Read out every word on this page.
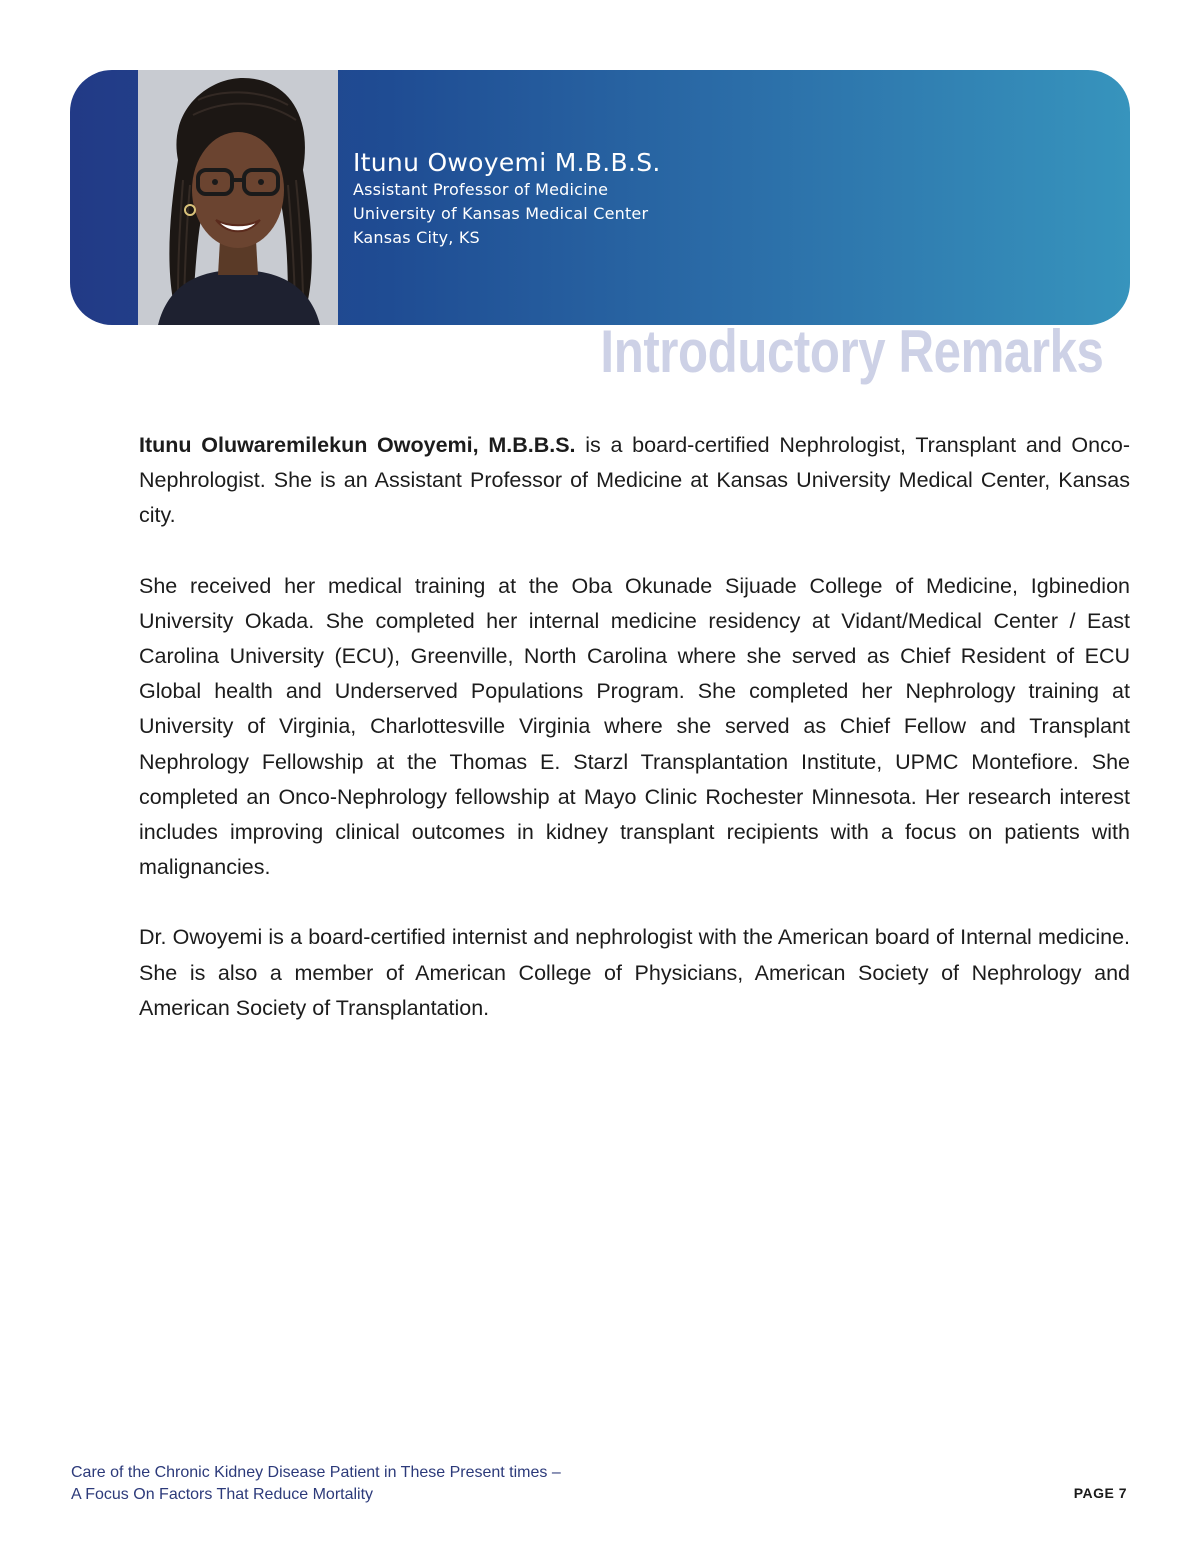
Itunu Owoyemi M.B.B.S.
Assistant Professor of Medicine
University of Kansas Medical Center
Kansas City, KS
Introductory Remarks

Itunu Oluwaremilekun Owoyemi, M.B.B.S. is a board-certified Nephrologist, Transplant and Onco-Nephrologist. She is an Assistant Professor of Medicine at Kansas University Medical Center, Kansas city.

She received her medical training at the Oba Okunade Sijuade College of Medicine, Igbinedion University Okada. She completed her internal medicine residency at Vidant/Medical Center / East Carolina University (ECU), Greenville, North Carolina where she served as Chief Resident of ECU Global health and Underserved Populations Program. She completed her Nephrology training at University of Virginia, Charlottesville Virginia where she served as Chief Fellow and Transplant Nephrology Fellowship at the Thomas E. Starzl Transplantation Institute, UPMC Montefiore. She completed an Onco-Nephrology fellowship at Mayo Clinic Rochester Minnesota. Her research interest includes improving clinical outcomes in kidney transplant recipients with a focus on patients with malignancies.

Dr. Owoyemi is a board-certified internist and nephrologist with the American board of Internal medicine. She is also a member of American College of Physicians, American Society of Nephrology and American Society of Transplantation.

Care of the Chronic Kidney Disease Patient in These Present times –
A Focus On Factors That Reduce Mortality	PAGE 7
